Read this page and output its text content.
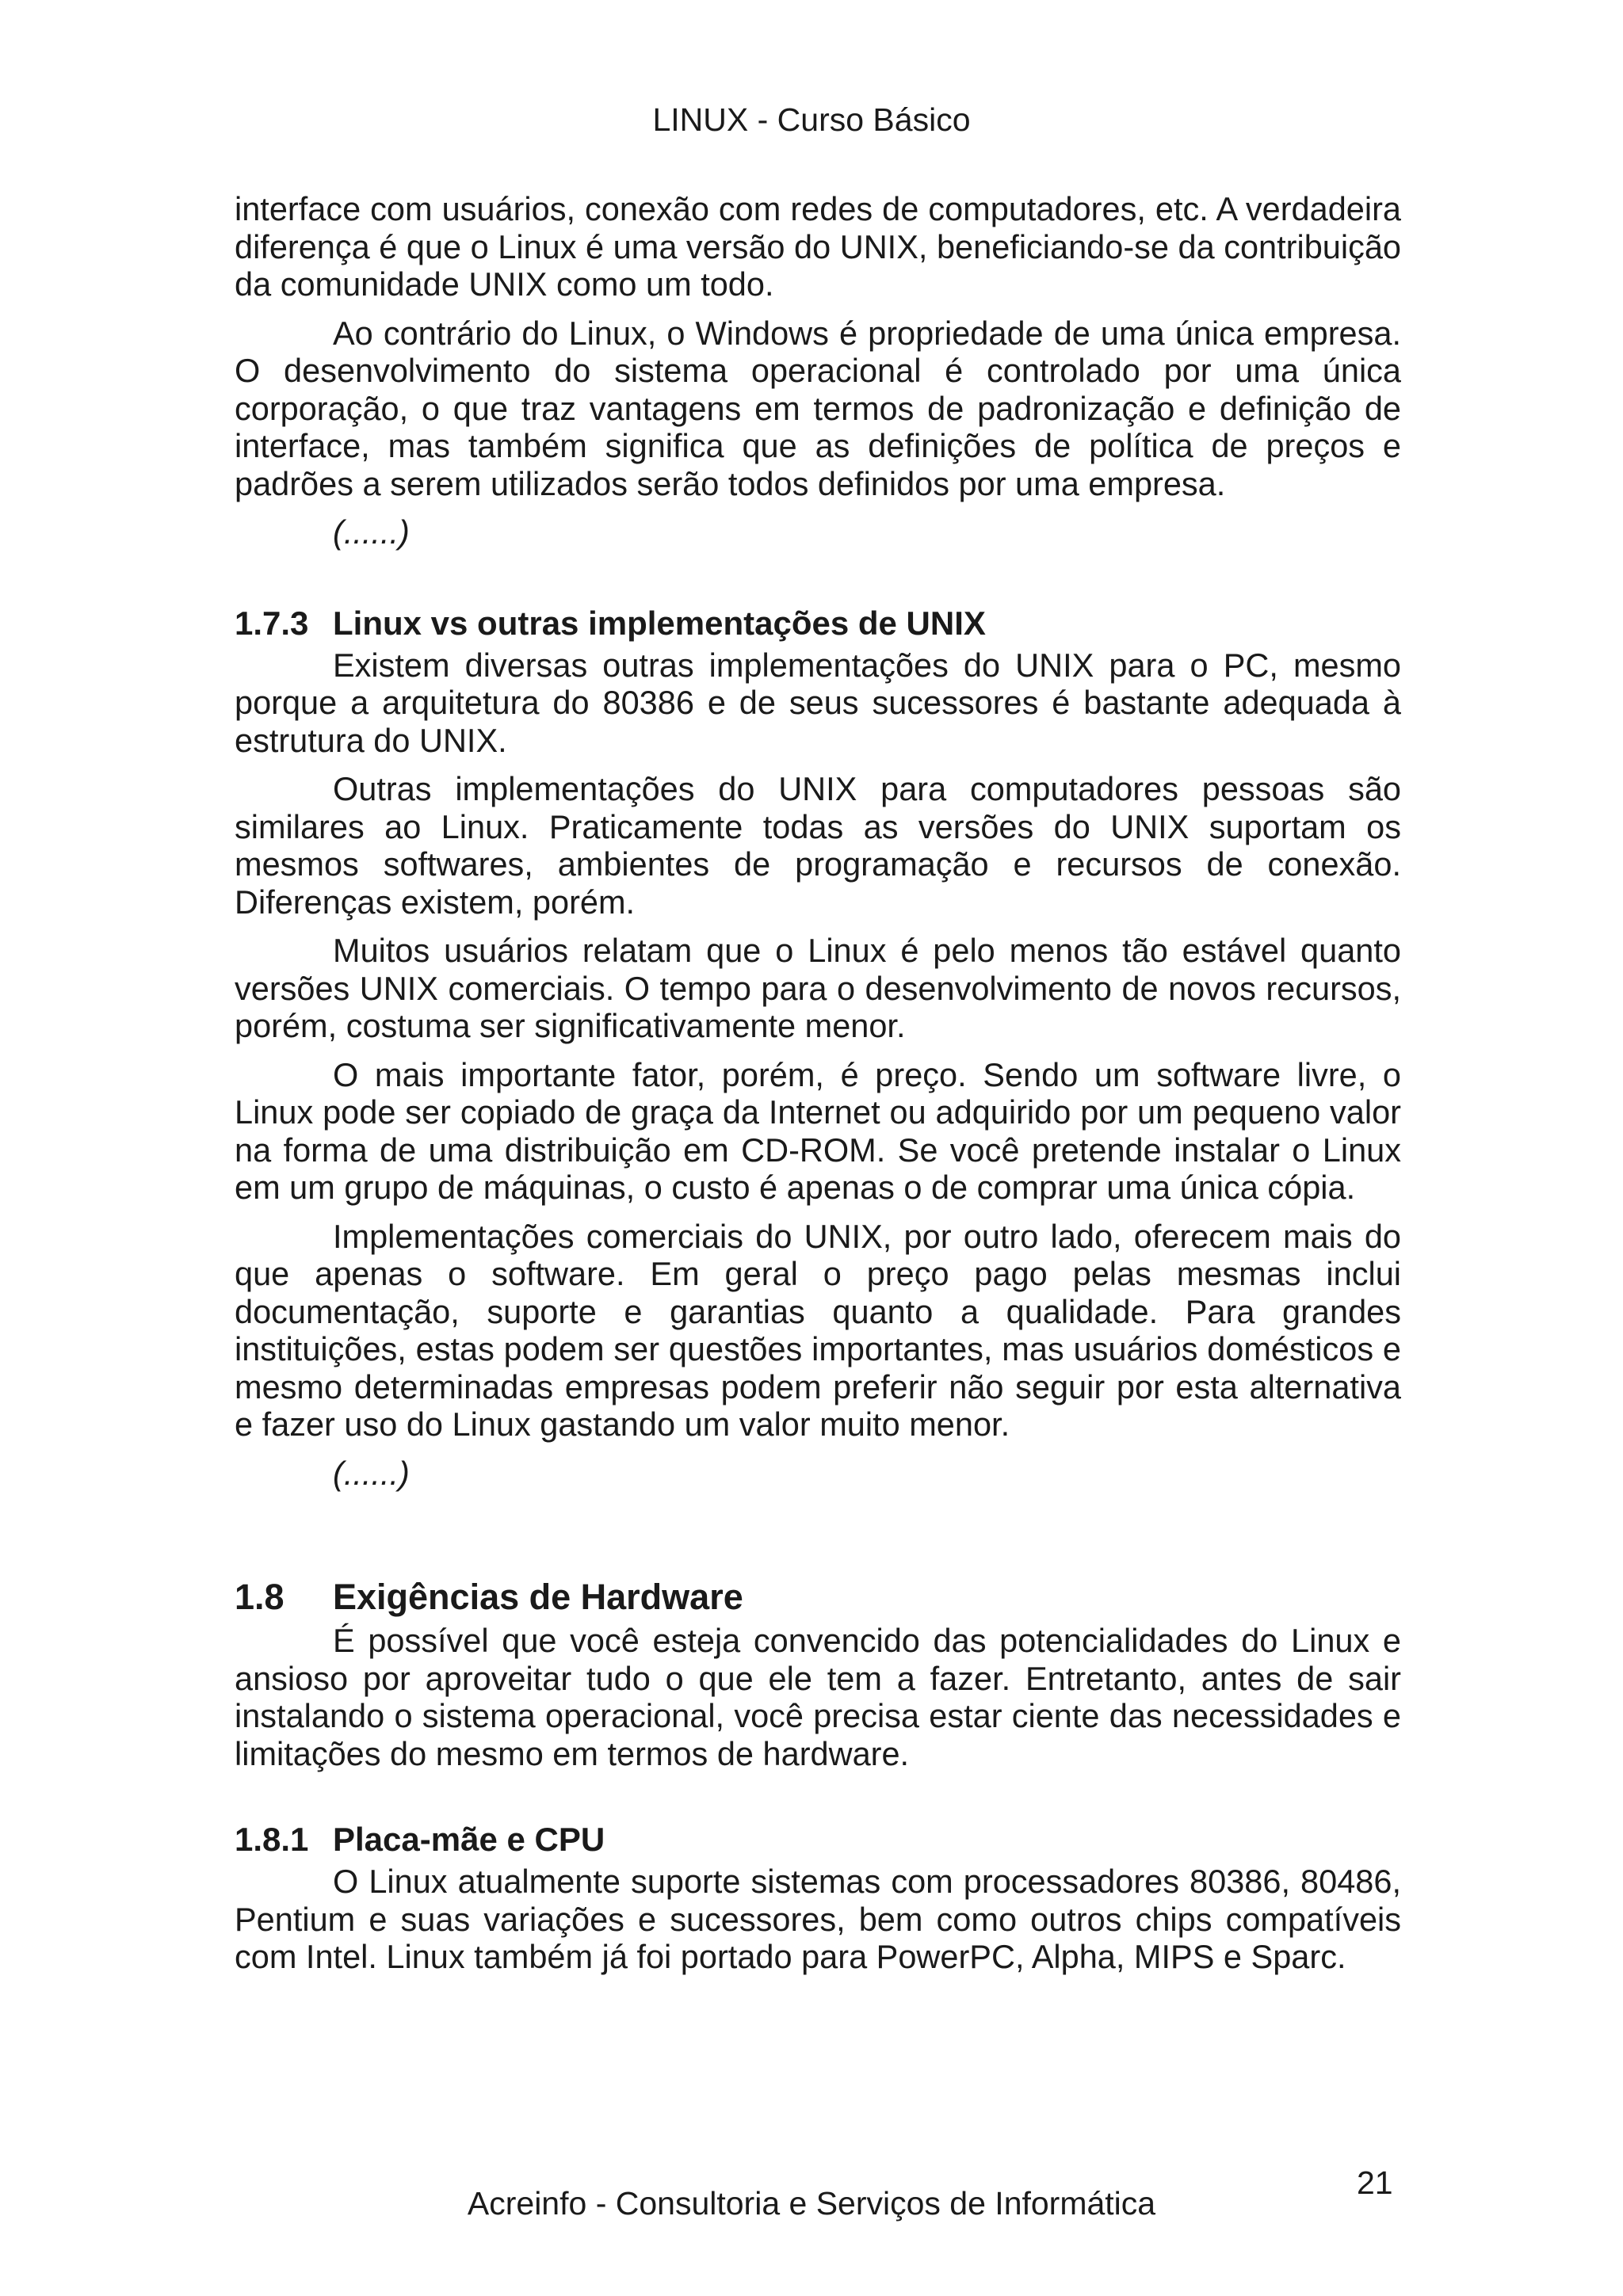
LINUX - Curso Básico

interface com usuários, conexão com redes de computadores, etc. A verdadeira diferença é que o Linux é uma versão do UNIX, beneficiando-se da contribuição da comunidade UNIX como um todo.

Ao contrário do Linux, o Windows é propriedade de uma única empresa. O desenvolvimento do sistema operacional é controlado por uma única corporação, o que traz vantagens em termos de padronização e definição de interface, mas também significa que as definições de política de preços e padrões a serem utilizados serão todos definidos por uma empresa.

(......)

1.7.3 Linux vs outras implementações de UNIX

Existem diversas outras implementações do UNIX para o PC, mesmo porque a arquitetura do 80386 e de seus sucessores é bastante adequada à estrutura do UNIX.

Outras implementações do UNIX para computadores pessoas são similares ao Linux. Praticamente todas as versões do UNIX suportam os mesmos softwares, ambientes de programação e recursos de conexão. Diferenças existem, porém.

Muitos usuários relatam que o Linux é pelo menos tão estável quanto versões UNIX comerciais. O tempo para o desenvolvimento de novos recursos, porém, costuma ser significativamente menor.

O mais importante fator, porém, é preço. Sendo um software livre, o Linux pode ser copiado de graça da Internet ou adquirido por um pequeno valor na forma de uma distribuição em CD-ROM. Se você pretende instalar o Linux em um grupo de máquinas, o custo é apenas o de comprar uma única cópia.

Implementações comerciais do UNIX, por outro lado, oferecem mais do que apenas o software. Em geral o preço pago pelas mesmas inclui documentação, suporte e garantias quanto a qualidade. Para grandes instituições, estas podem ser questões importantes, mas usuários domésticos e mesmo determinadas empresas podem preferir não seguir por esta alternativa e fazer uso do Linux gastando um valor muito menor.

(......)

1.8	Exigências de Hardware

É possível que você esteja convencido das potencialidades do Linux e ansioso por aproveitar tudo o que ele tem a fazer. Entretanto, antes de sair instalando o sistema operacional, você precisa estar ciente das necessidades e limitações do mesmo em termos de hardware.

1.8.1 Placa-mãe e CPU

O Linux atualmente suporte sistemas com processadores 80386, 80486, Pentium e suas variações e sucessores, bem como outros chips compatíveis com Intel. Linux também já foi portado para PowerPC, Alpha, MIPS e Sparc.

Acreinfo - Consultoria e Serviços de Informática
21
